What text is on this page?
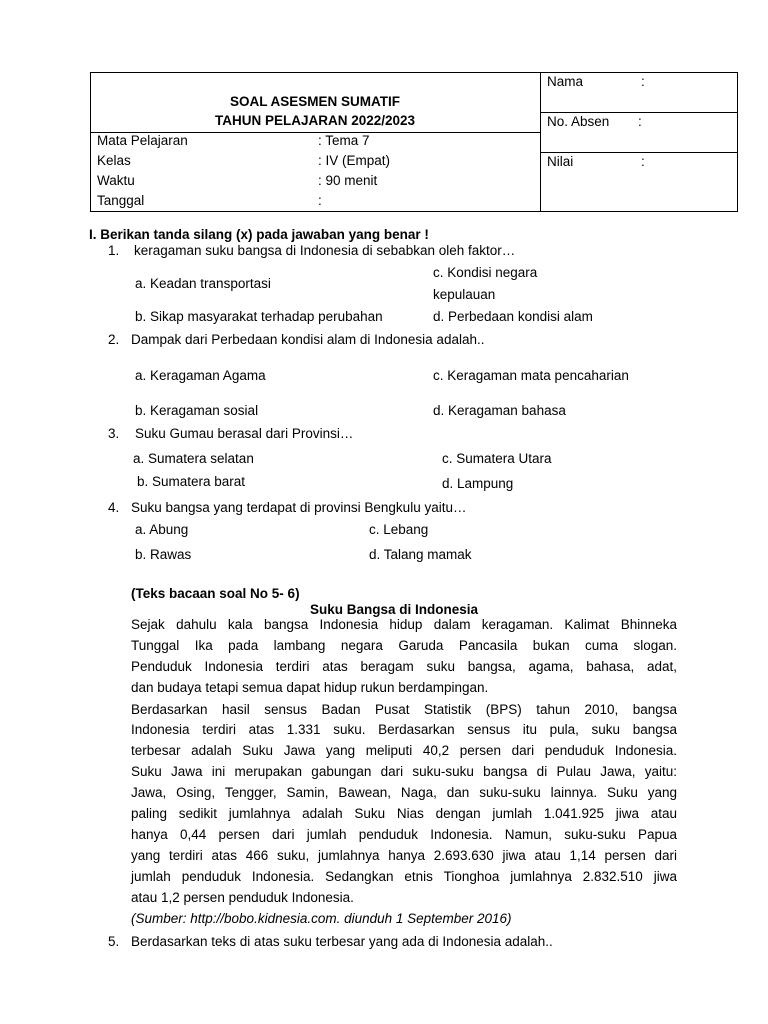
SOAL ASESMEN SUMATIF
TAHUN PELAJARAN 2022/2023
Mata Pelajaran	: Tema 7
Kelas	: IV (Empat)
Waktu	: 90 menit
Tanggal	:
Nama	:
No. Absen :
Nilai	:
I. Berikan tanda silang (x) pada jawaban yang benar !
1. keragaman suku bangsa di Indonesia di sebabkan oleh faktor…
a. Keadan transportasi
c. Kondisi negara
kepulauan
b. Sikap masyarakat terhadap perubahan	d. Perbedaan kondisi alam
2. Dampak dari Perbedaan kondisi alam di Indonesia adalah..
a. Keragaman Agama	c. Keragaman mata pencaharian
b. Keragaman sosial	d. Keragaman bahasa
3. Suku Gumau berasal dari Provinsi…
a. Sumatera selatan	c. Sumatera Utara
b. Sumatera barat	d. Lampung
4. Suku bangsa yang terdapat di provinsi Bengkulu yaitu…
a. Abung	c. Lebang
b. Rawas	d. Talang mamak
(Teks bacaan soal No 5- 6)
Suku Bangsa di Indonesia
Sejak dahulu kala bangsa Indonesia hidup dalam keragaman. Kalimat Bhinneka
Tunggal Ika pada lambang negara Garuda Pancasila bukan cuma slogan.
Penduduk Indonesia terdiri atas beragam suku bangsa, agama, bahasa, adat,
dan budaya tetapi semua dapat hidup rukun berdampingan.
Berdasarkan hasil sensus Badan Pusat Statistik (BPS) tahun 2010, bangsa
Indonesia terdiri atas 1.331 suku. Berdasarkan sensus itu pula, suku bangsa
terbesar adalah Suku Jawa yang meliputi 40,2 persen dari penduduk Indonesia.
Suku Jawa ini merupakan gabungan dari suku-suku bangsa di Pulau Jawa, yaitu:
Jawa, Osing, Tengger, Samin, Bawean, Naga, dan suku-suku lainnya. Suku yang
paling sedikit jumlahnya adalah Suku Nias dengan jumlah 1.041.925 jiwa atau
hanya 0,44 persen dari jumlah penduduk Indonesia. Namun, suku-suku Papua
yang terdiri atas 466 suku, jumlahnya hanya 2.693.630 jiwa atau 1,14 persen dari
jumlah penduduk Indonesia. Sedangkan etnis Tionghoa jumlahnya 2.832.510 jiwa
atau 1,2 persen penduduk Indonesia.
(Sumber: http://bobo.kidnesia.com. diunduh 1 September 2016)
5. Berdasarkan teks di atas suku terbesar yang ada di Indonesia adalah..
